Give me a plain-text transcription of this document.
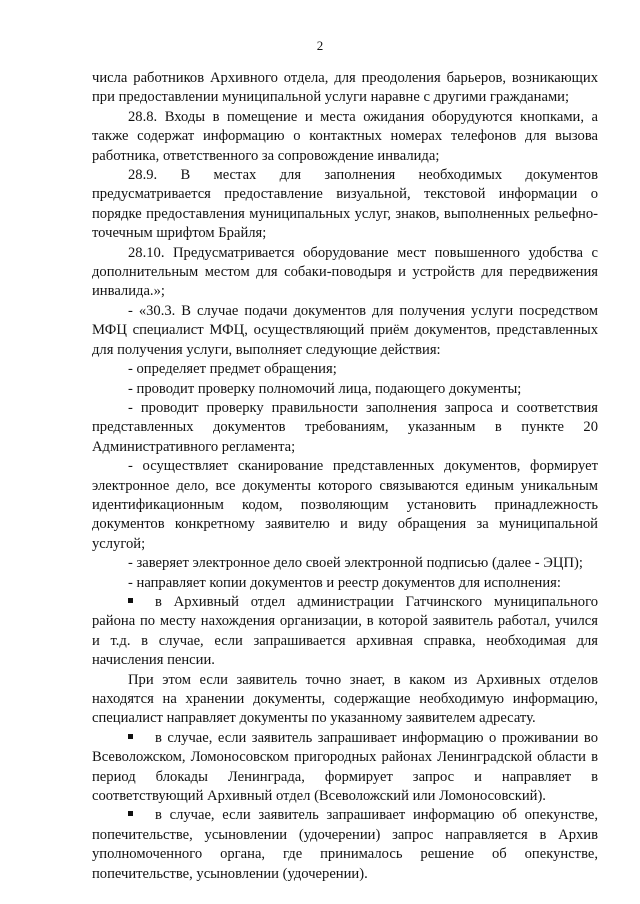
2

числа работников Архивного отдела, для преодоления барьеров, возникающих при предоставлении муниципальной услуги наравне с другими гражданами;

28.8. Входы в помещение и места ожидания оборудуются кнопками, а также содержат информацию о контактных номерах телефонов для вызова работника, ответственного за сопровождение инвалида;

28.9. В местах для заполнения необходимых документов предусматривается предоставление визуальной, текстовой информации о порядке предоставления муниципальных услуг, знаков, выполненных рельефно-точечным шрифтом Брайля;

28.10. Предусматривается оборудование мест повышенного удобства с дополнительным местом для собаки-поводыря и устройств для передвижения инвалида.»;

- «30.3. В случае подачи документов для получения услуги посредством МФЦ специалист МФЦ, осуществляющий приём документов, представленных для получения услуги, выполняет следующие действия:

- определяет предмет обращения;

- проводит проверку полномочий лица, подающего документы;

- проводит проверку правильности заполнения запроса и соответствия представленных документов требованиям, указанным в пункте 20 Административного регламента;

- осуществляет сканирование представленных документов, формирует электронное дело, все документы которого связываются единым уникальным идентификационным кодом, позволяющим установить принадлежность документов конкретному заявителю и виду обращения за муниципальной услугой;

- заверяет электронное дело своей электронной подписью (далее - ЭЦП);

- направляет копии документов и реестр документов для исполнения:

в Архивный отдел администрации Гатчинского муниципального района по месту нахождения организации, в которой заявитель работал, учился и т.д. в случае, если запрашивается архивная справка, необходимая для начисления пенсии.

При этом если заявитель точно знает, в каком из Архивных отделов находятся на хранении документы, содержащие необходимую информацию, специалист направляет документы по указанному заявителем адресату.

в случае, если заявитель запрашивает информацию о проживании во Всеволожском, Ломоносовском пригородных районах Ленинградской области в период блокады Ленинграда, формирует запрос и направляет в соответствующий Архивный отдел (Всеволожский или Ломоносовский).

в случае, если заявитель запрашивает информацию об опекунстве, попечительстве, усыновлении (удочерении) запрос направляется в Архив уполномоченного органа, где принималось решение об опекунстве, попечительстве, усыновлении (удочерении).
